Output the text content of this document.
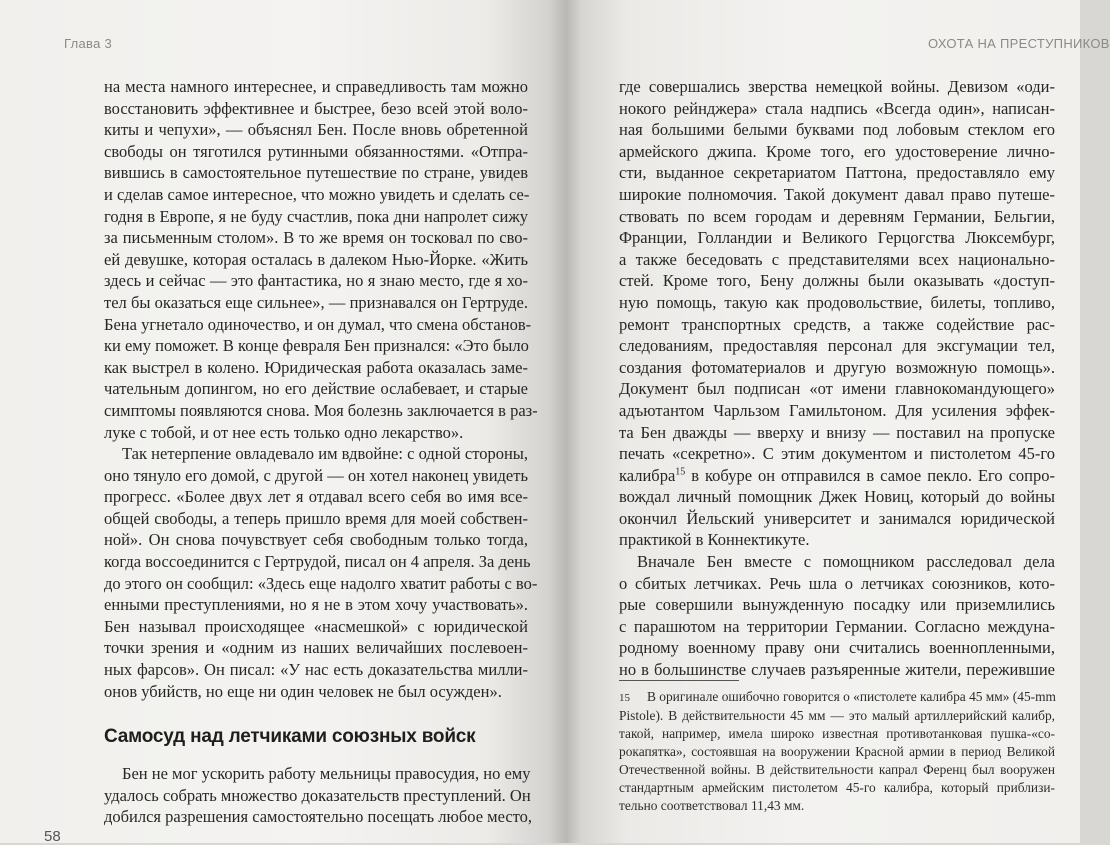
Глава 3
на места намного интереснее, и справедливость там можно
восстановить эффективнее и быстрее, безо всей этой воло-
киты и чепухи», — объяснял Бен. После вновь обретенной
свободы он тяготился рутинными обязанностями. «Отпра-
вившись в самостоятельное путешествие по стране, увидев
и сделав самое интересное, что можно увидеть и сделать се-
годня в Европе, я не буду счастлив, пока дни напролет сижу
за письменным столом». В то же время он тосковал по сво-
ей девушке, которая осталась в далеком Нью-Йорке. «Жить
здесь и сейчас — это фантастика, но я знаю место, где я хо-
тел бы оказаться еще сильнее», — признавался он Гертруде.
Бена угнетало одиночество, и он думал, что смена обстанов-
ки ему поможет. В конце февраля Бен признался: «Это было
как выстрел в колено. Юридическая работа оказалась заме-
чательным допингом, но его действие ослабевает, и старые
симптомы появляются снова. Моя болезнь заключается в раз-
луке с тобой, и от нее есть только одно лекарство».
Так нетерпение овладевало им вдвойне: с одной стороны,
оно тянуло его домой, с другой — он хотел наконец увидеть
прогресс. «Более двух лет я отдавал всего себя во имя все-
общей свободы, а теперь пришло время для моей собствен-
ной». Он снова почувствует себя свободным только тогда,
когда воссоединится с Гертрудой, писал он 4 апреля. За день
до этого он сообщил: «Здесь еще надолго хватит работы с во-
енными преступлениями, но я не в этом хочу участвовать».
Бен называл происходящее «насмешкой» с юридической
точки зрения и «одним из наших величайших послевоен-
ных фарсов». Он писал: «У нас есть доказательства милли-
онов убийств, но еще ни один человек не был осужден».
Самосуд над летчиками союзных войск
Бен не мог ускорить работу мельницы правосудия, но ему
удалось собрать множество доказательств преступлений. Он
добился разрешения самостоятельно посещать любое место,
58
ОХОТА НА ПРЕСТУПНИКОВ
где совершались зверства немецкой войны. Девизом «оди-
нокого рейнджера» стала надпись «Всегда один», написан-
ная большими белыми буквами под лобовым стеклом его
армейского джипа. Кроме того, его удостоверение лично-
сти, выданное секретариатом Паттона, предоставляло ему
широкие полномочия. Такой документ давал право путеше-
ствовать по всем городам и деревням Германии, Бельгии,
Франции, Голландии и Великого Герцогства Люксембург,
а также беседовать с представителями всех национально-
стей. Кроме того, Бену должны были оказывать «доступ-
ную помощь, такую как продовольствие, билеты, топливо,
ремонт транспортных средств, а также содействие рас-
следованиям, предоставляя персонал для эксгумации тел,
создания фотоматериалов и другую возможную помощь».
Документ был подписан «от имени главнокомандующего»
адъютантом Чарльзом Гамильтоном. Для усиления эффек-
та Бен дважды — вверху и внизу — поставил на пропуске
печать «секретно». С этим документом и пистолетом 45-го
калибра$^{15}$ в кобуре он отправился в самое пекло. Его сопро-
вождал личный помощник Джек Новиц, который до войны
окончил Йельский университет и занимался юридической
практикой в Коннектикуте.
Вначале Бен вместе с помощником расследовал дела
о сбитых летчиках. Речь шла о летчиках союзников, кото-
рые совершили вынужденную посадку или приземлились
с парашютом на территории Германии. Согласно междуна-
родному военному праву они считались военнопленными,
но в большинстве случаев разъяренные жители, пережившие
15 В оригинале ошибочно говорится о «пистолете калибра 45 мм» (45-mm
Pistole). В действительности 45 мм — это малый артиллерийский калибр,
такой, например, имела широко известная противотанковая пушка-«со-
рокапятка», состоявшая на вооружении Красной армии в период Великой
Отечественной войны. В действительности капрал Ференц был вооружен
стандартным армейским пистолетом 45-го калибра, который приблизи-
тельно соответствовал 11,43 мм.
